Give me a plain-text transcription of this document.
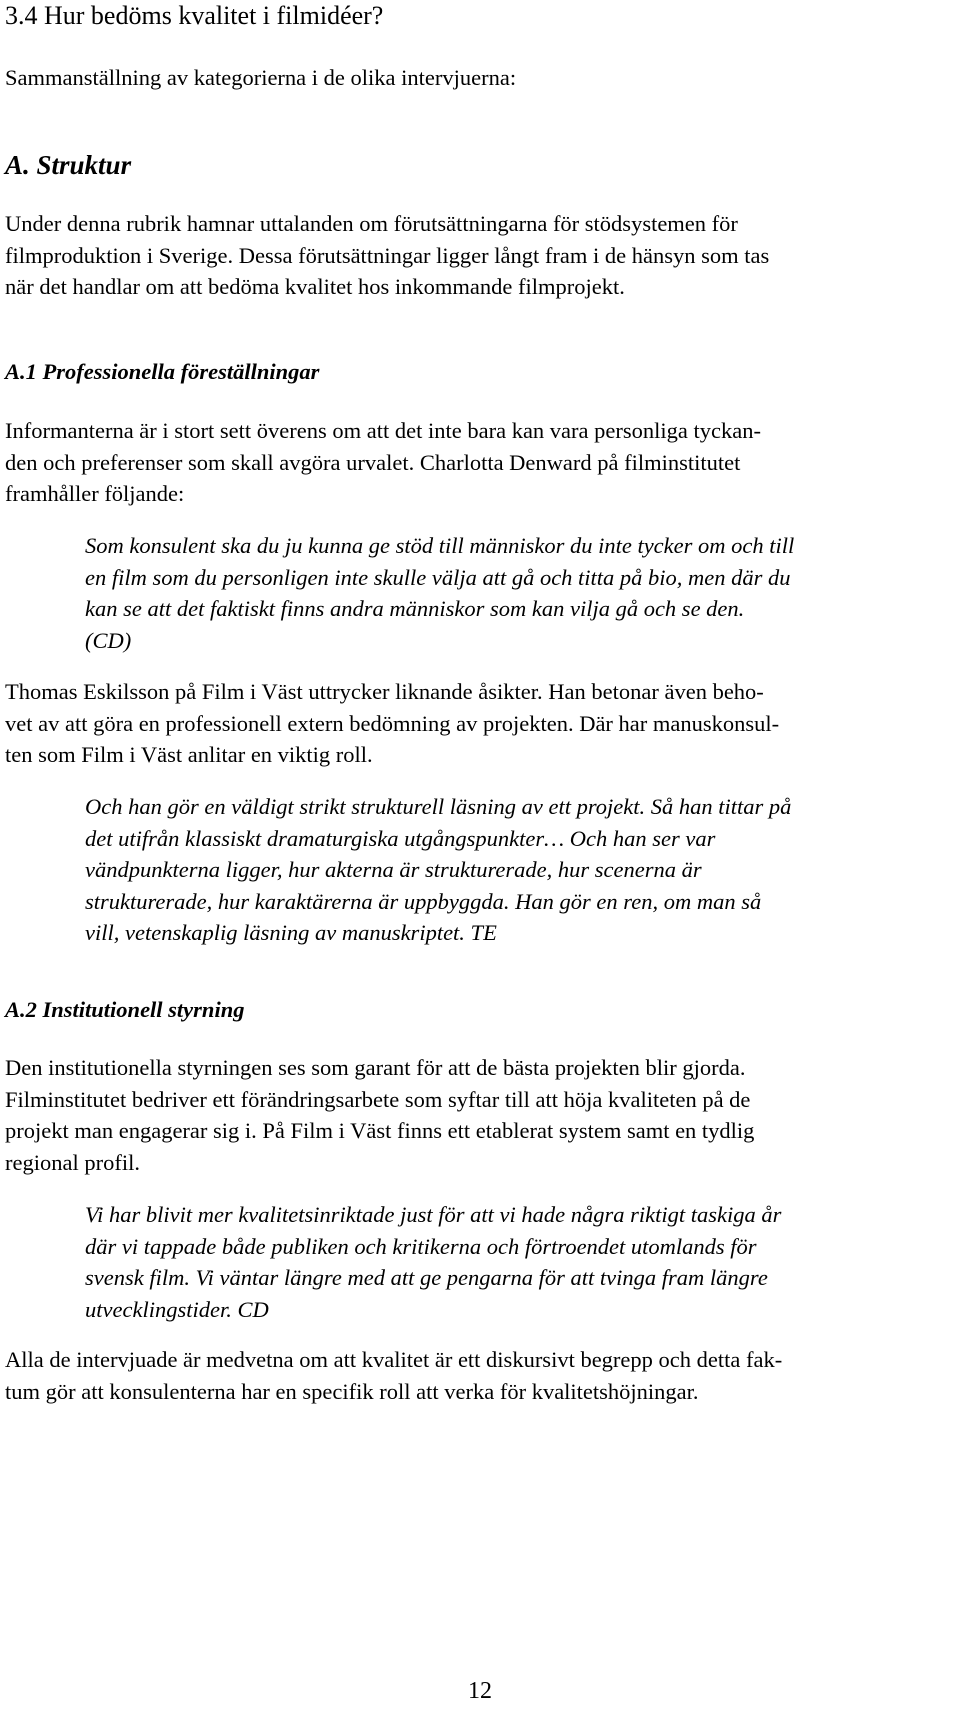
3.4 Hur bedöms kvalitet i filmidéer?

Sammanställning av kategorierna i de olika intervjuerna:

A. Struktur

Under denna rubrik hamnar uttalanden om förutsättningarna för stödsystemen för
filmproduktion i Sverige. Dessa förutsättningar ligger långt fram i de hänsyn som tas
när det handlar om att bedöma kvalitet hos inkommande filmprojekt.

A.1 Professionella föreställningar

Informanterna är i stort sett överens om att det inte bara kan vara personliga tyckan-
den och preferenser som skall avgöra urvalet. Charlotta Denward på filminstitutet
framhåller följande:

Som konsulent ska du ju kunna ge stöd till människor du inte tycker om och till
en film som du personligen inte skulle välja att gå och titta på bio, men där du
kan se att det faktiskt finns andra människor som kan vilja gå och se den.
(CD)

Thomas Eskilsson på Film i Väst uttrycker liknande åsikter. Han betonar även beho-
vet av att göra en professionell extern bedömning av projekten. Där har manuskonsul-
ten som Film i Väst anlitar en viktig roll.

Och han gör en väldigt strikt strukturell läsning av ett projekt. Så han tittar på
det utifrån klassiskt dramaturgiska utgångspunkter… Och han ser var
vändpunkterna ligger, hur akterna är strukturerade, hur scenerna är
strukturerade, hur karaktärerna är uppbyggda. Han gör en ren, om man så
vill, vetenskaplig läsning av manuskriptet. TE

A.2 Institutionell styrning

Den institutionella styrningen ses som garant för att de bästa projekten blir gjorda.
Filminstitutet bedriver ett förändringsarbete som syftar till att höja kvaliteten på de
projekt man engagerar sig i. På Film i Väst finns ett etablerat system samt en tydlig
regional profil.

Vi har blivit mer kvalitetsinriktade just för att vi hade några riktigt taskiga år
där vi tappade både publiken och kritikerna och förtroendet utomlands för
svensk film. Vi väntar längre med att ge pengarna för att tvinga fram längre
utvecklingstider. CD

Alla de intervjuade är medvetna om att kvalitet är ett diskursivt begrepp och detta fak-
tum gör att konsulenterna har en specifik roll att verka för kvalitetshöjningar.

12
